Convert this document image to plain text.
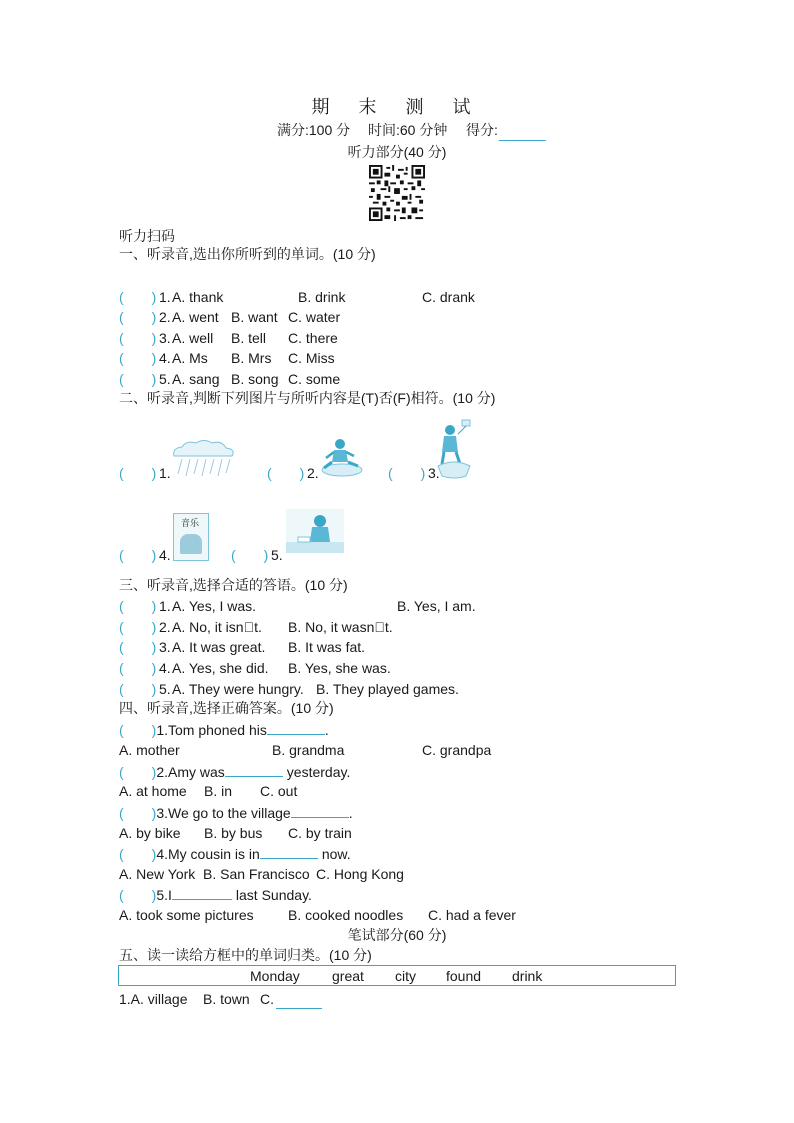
期 末 测 试
满分:100 分 时间:60 分钟 得分:
听力部分(40 分)
听力扫码
一、听录音,选出你所听到的单词。(10 分)
(　　) 1. A. thank	B. drink	C. drank
(　　) 2. A. went B. want C. water
(　　) 3. A. well B. tell C. there
(　　) 4. A. Ms B. Mrs C. Miss
(　　) 5. A. sang B. song C. some
二、听录音,判断下列图片与所听内容是(T)否(F)相符。(10 分)
(　　) 1.	(　　) 2.	(　　) 3.
(　　) 4.
音乐
(　　) 5.
三、听录音,选择合适的答语。(10 分)
(　　) 1. A. Yes, I was.	B. Yes, I am.
(　　) 2. A. No, it isn t. B. No, it wasn t.
(　　) 3. A. It was great. B. It was fat.
(　　) 4. A. Yes, she did. B. Yes, she was.
(　　) 5. A. They were hungry. B. They played games.
四、听录音,选择正确答案。(10 分)
(　　)1.Tom phoned his	.
A. mother	B. grandma	C. grandpa
(　　)2.Amy was	yesterday.
A. at home B. in C. out
(　　)3.We go to the village	.
A. by bike B. by bus C. by train
(　　)4.My cousin is in	now.
A. New York B. San Francisco C. Hong Kong
(　　)5.I	last Sunday.
A. took some pictures B. cooked noodles C. had a fever
笔试部分(60 分)
五、读一读给方框中的单词归类。(10 分)
Monday great city found drink
1.A. village B. town C.
